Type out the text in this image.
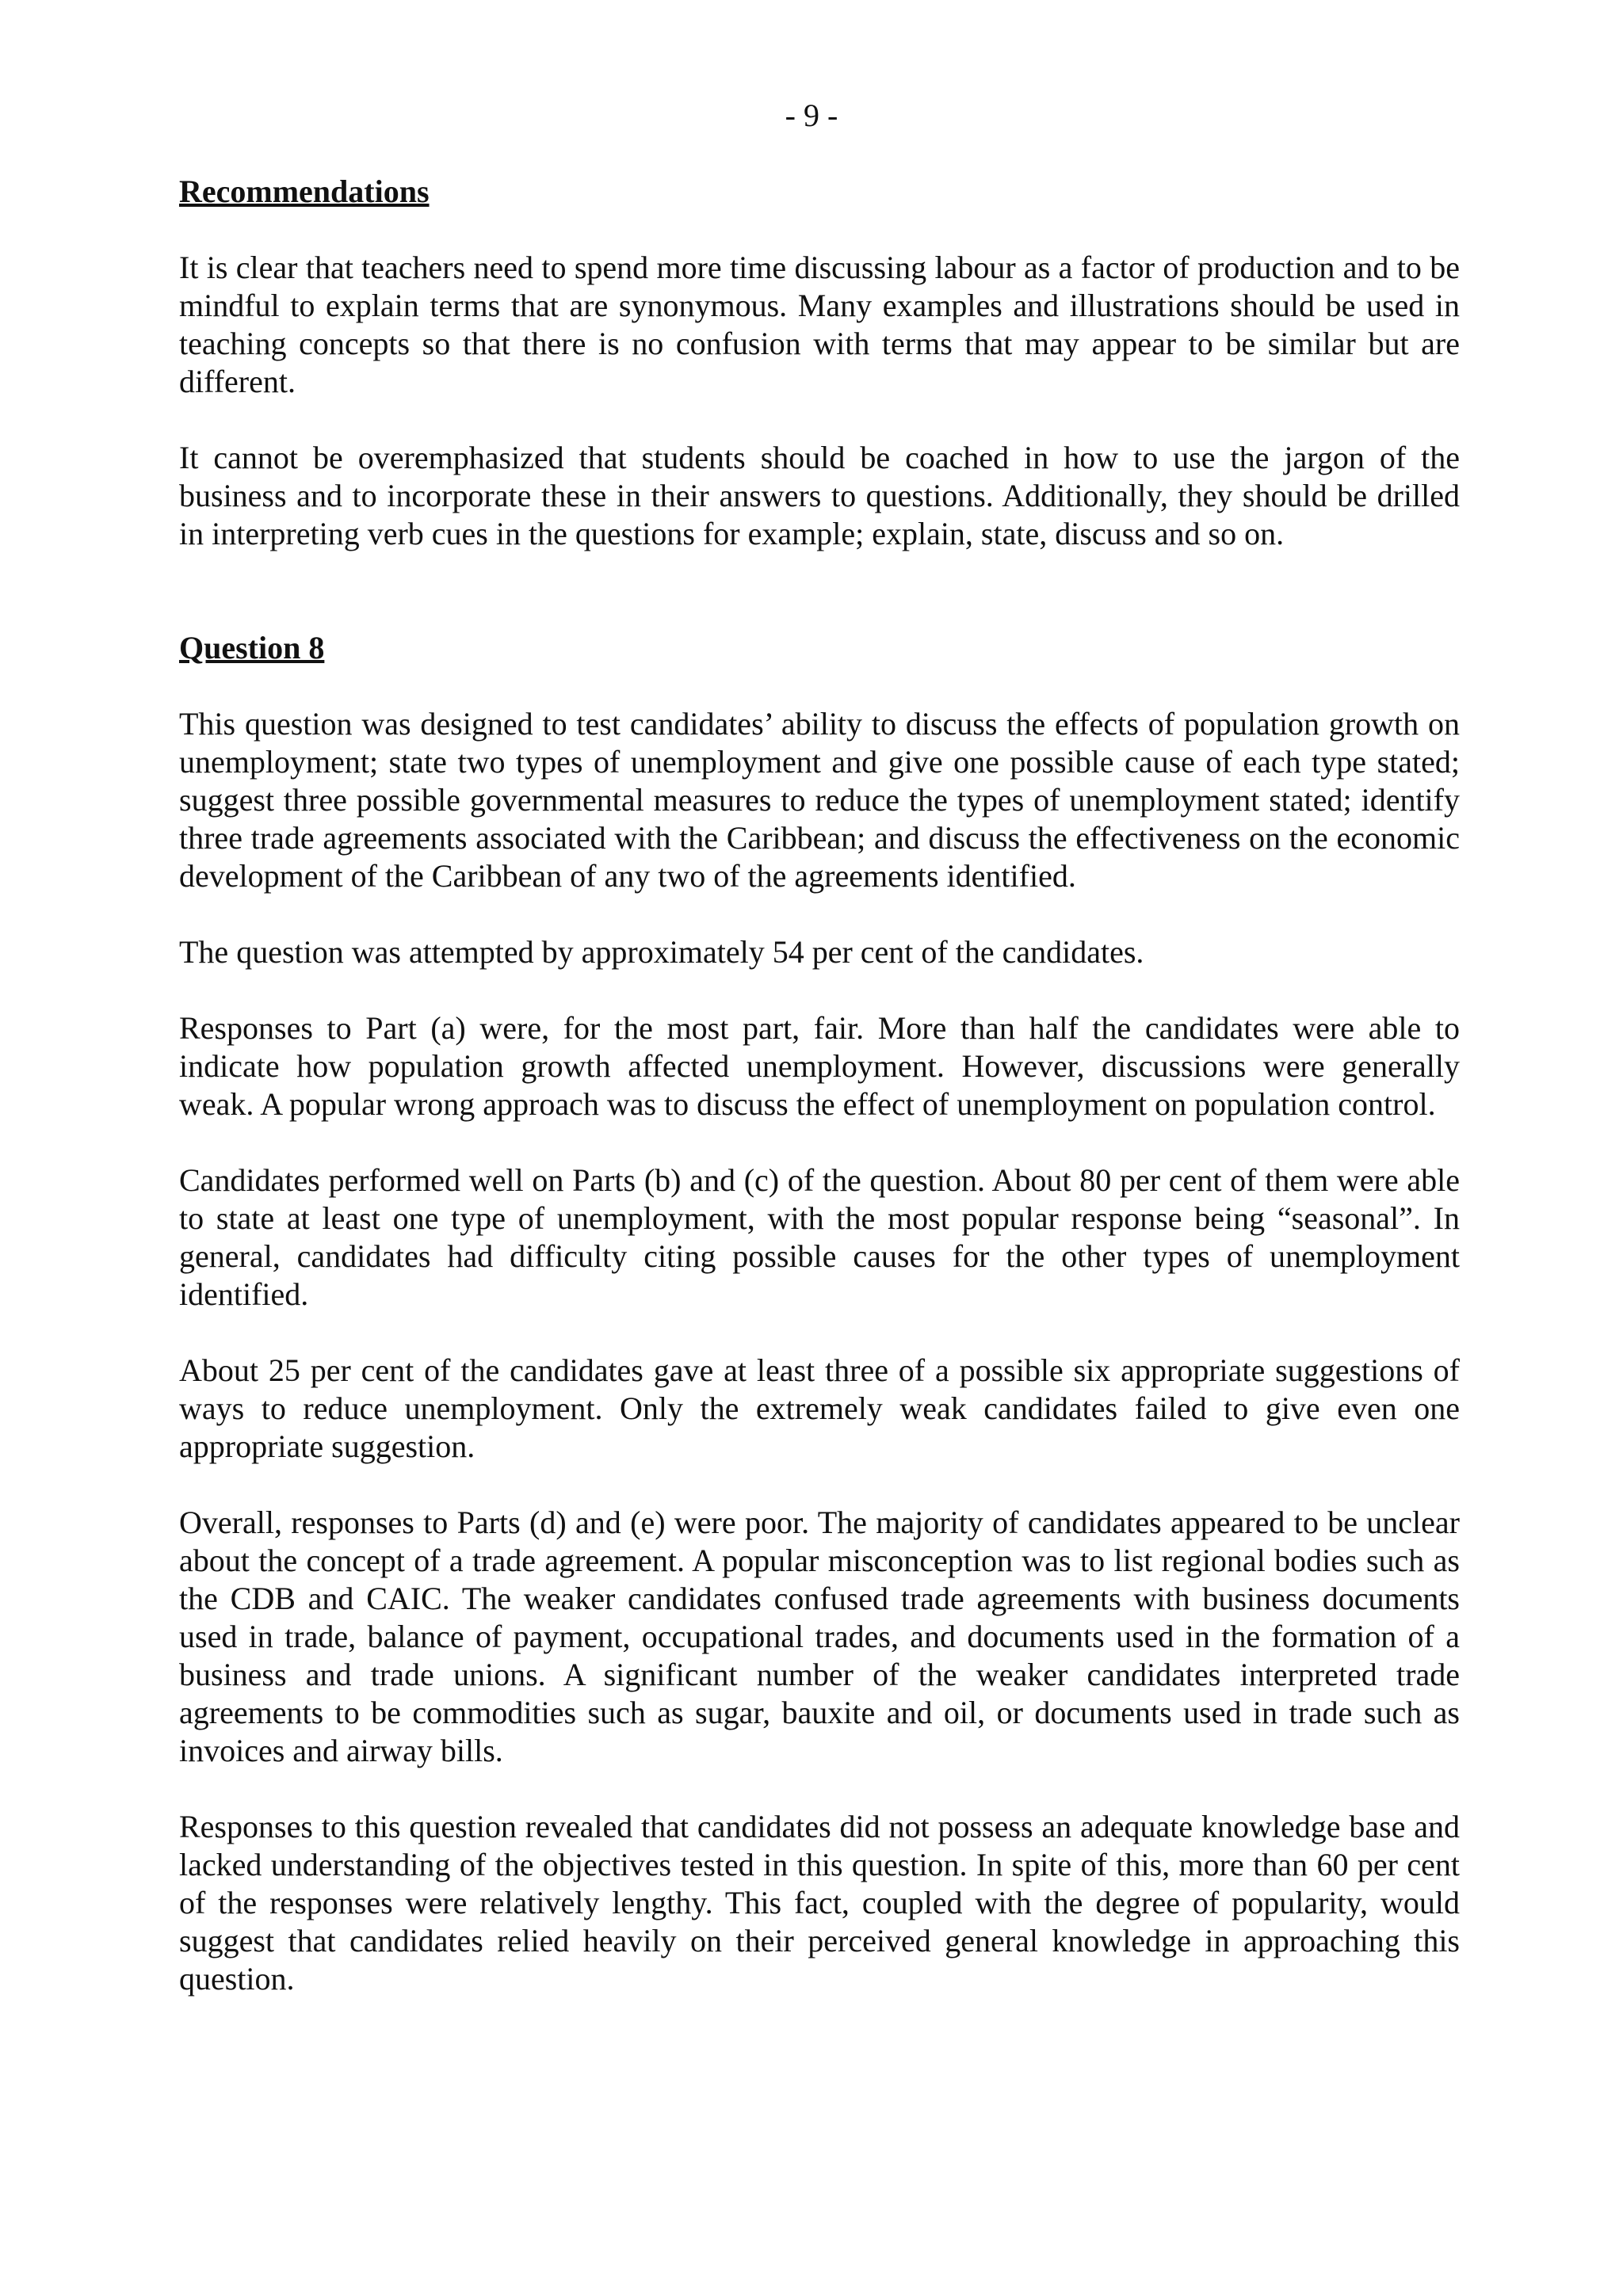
- 9 -
Recommendations

It is clear that teachers need to spend more time discussing labour as a factor of production and to be mindful to explain terms that are synonymous. Many examples and illustrations should be used in teaching concepts so that there is no confusion with terms that may appear to be similar but are different.

It cannot be overemphasized that students should be coached in how to use the jargon of the business and to incorporate these in their answers to questions. Additionally, they should be drilled in interpreting verb cues in the questions for example; explain, state, discuss and so on.

Question 8

This question was designed to test candidates’ ability to discuss the effects of population growth on unemployment; state two types of unemployment and give one possible cause of each type stated; suggest three possible governmental measures to reduce the types of unemployment stated; identify three trade agreements associated with the Caribbean; and discuss the effectiveness on the economic development of the Caribbean of any two of the agreements identified.

The question was attempted by approximately 54 per cent of the candidates.

Responses to Part (a) were, for the most part, fair. More than half the candidates were able to indicate how population growth affected unemployment. However, discussions were generally weak. A popular wrong approach was to discuss the effect of unemployment on population control.

Candidates performed well on Parts (b) and (c) of the question. About 80 per cent of them were able to state at least one type of unemployment, with the most popular response being “seasonal”. In general, candidates had difficulty citing possible causes for the other types of unemployment identified.

About 25 per cent of the candidates gave at least three of a possible six appropriate suggestions of ways to reduce unemployment. Only the extremely weak candidates failed to give even one appropriate suggestion.

Overall, responses to Parts (d) and (e) were poor. The majority of candidates appeared to be unclear about the concept of a trade agreement. A popular misconception was to list regional bodies such as the CDB and CAIC. The weaker candidates confused trade agreements with business documents used in trade, balance of payment, occupational trades, and documents used in the formation of a business and trade unions. A significant number of the weaker candidates interpreted trade agreements to be commodities such as sugar, bauxite and oil, or documents used in trade such as invoices and airway bills.

Responses to this question revealed that candidates did not possess an adequate knowledge base and lacked understanding of the objectives tested in this question. In spite of this, more than 60 per cent of the responses were relatively lengthy. This fact, coupled with the degree of popularity, would suggest that candidates relied heavily on their perceived general knowledge in approaching this question.
